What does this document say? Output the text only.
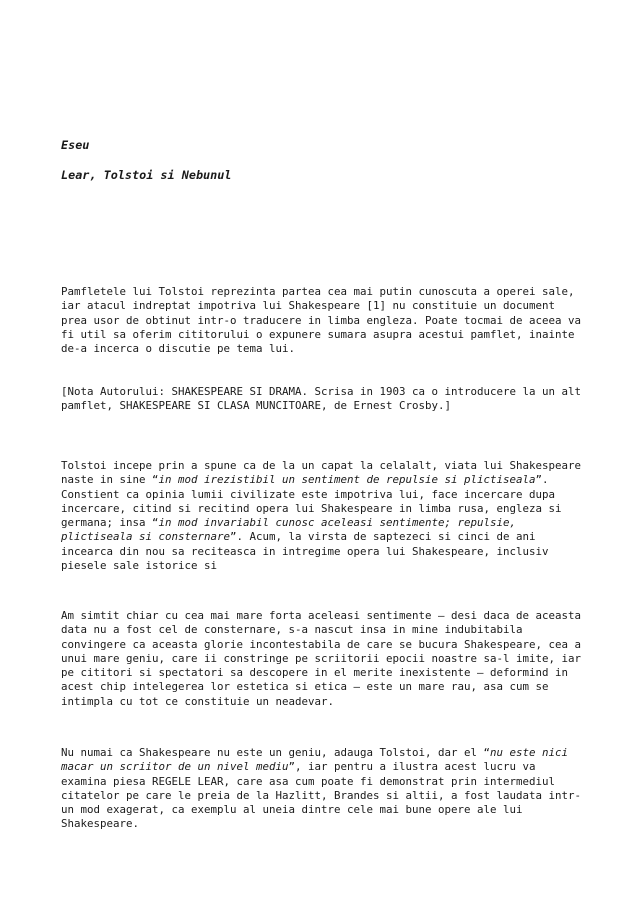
Eseu
Lear, Tolstoi si Nebunul
Pamfletele lui Tolstoi reprezinta partea cea mai putin cunoscuta a operei sale,
iar atacul indreptat impotriva lui Shakespeare [1] nu constituie un document
prea usor de obtinut intr-o traducere in limba engleza. Poate tocmai de aceea va
fi util sa oferim cititorului o expunere sumara asupra acestui pamflet, inainte
de-a incerca o discutie pe tema lui.
[Nota Autorului: SHAKESPEARE SI DRAMA. Scrisa in 1903 ca o introducere la un alt
pamflet, SHAKESPEARE SI CLASA MUNCITOARE, de Ernest Crosby.]
Tolstoi incepe prin a spune ca de la un capat la celalalt, viata lui Shakespeare
naste in sine “in mod irezistibil un sentiment de repulsie si plictiseala”.
Constient ca opinia lumii civilizate este impotriva lui, face incercare dupa
incercare, citind si recitind opera lui Shakespeare in limba rusa, engleza si
germana; insa “in mod invariabil cunosc aceleasi sentimente; repulsie,
plictiseala si consternare”. Acum, la virsta de saptezeci si cinci de ani
incearca din nou sa reciteasca in intregime opera lui Shakespeare, inclusiv
piesele sale istorice si
Am simtit chiar cu cea mai mare forta aceleasi sentimente – desi daca de aceasta
data nu a fost cel de consternare, s-a nascut insa in mine indubitabila
convingere ca aceasta glorie incontestabila de care se bucura Shakespeare, cea a
unui mare geniu, care ii constringe pe scriitorii epocii noastre sa-l imite, iar
pe cititori si spectatori sa descopere in el merite inexistente – deformind in
acest chip intelegerea lor estetica si etica – este un mare rau, asa cum se
intimpla cu tot ce constituie un neadevar.
Nu numai ca Shakespeare nu este un geniu, adauga Tolstoi, dar el “nu este nici
macar un scriitor de un nivel mediu”, iar pentru a ilustra acest lucru va
examina piesa REGELE LEAR, care asa cum poate fi demonstrat prin intermediul
citatelor pe care le preia de la Hazlitt, Brandes si altii, a fost laudata intr-
un mod exagerat, ca exemplu al uneia dintre cele mai bune opere ale lui
Shakespeare.
